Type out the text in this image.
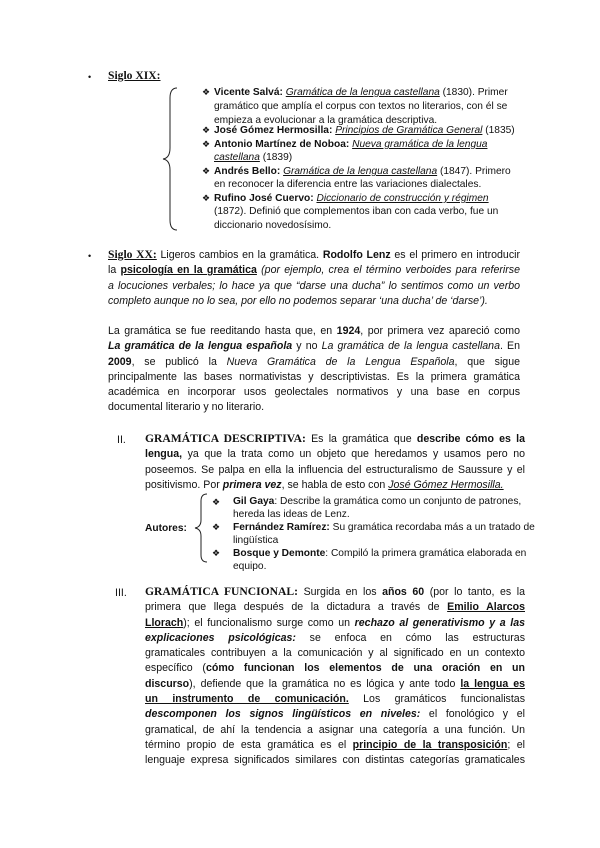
• Siglo XIX:
❖ Vicente Salvá: Gramática de la lengua castellana (1830). Primer
gramático que amplía el corpus con textos no literarios, con él se
empieza a evolucionar a la gramática descriptiva.
❖ José Gómez Hermosilla: Principios de Gramática General (1835)
❖ Antonio Martínez de Noboa: Nueva gramática de la lengua
castellana (1839)
❖ Andrés Bello: Gramática de la lengua castellana (1847). Primero
en reconocer la diferencia entre las variaciones dialectales.
❖ Rufino José Cuervo: Diccionario de construcción y régimen
(1872). Definió que complementos iban con cada verbo, fue un
diccionario novedosísimo.
• Siglo XX: Ligeros cambios en la gramática. Rodolfo Lenz es el primero en introducir
la psicología en la gramática (por ejemplo, crea el término verboides para referirse
a locuciones verbales; lo hace ya que “darse una ducha” lo sentimos como un verbo
completo aunque no lo sea, por ello no podemos separar ‘una ducha’ de ‘darse’).
La gramática se fue reeditando hasta que, en 1924, por primera vez apareció como
La gramática de la lengua española y no La gramática de la lengua castellana. En
2009, se publicó la Nueva Gramática de la Lengua Española, que sigue
principalmente las bases normativistas y descriptivistas. Es la primera gramática
académica en incorporar usos geolectales normativos y una base en corpus
documental literario y no literario.
II. GRAMÁTICA DESCRIPTIVA: Es la gramática que describe cómo es la
lengua, ya que la trata como un objeto que heredamos y usamos pero no
poseemos. Se palpa en ella la influencia del estructuralismo de Saussure y el
positivismo. Por primera vez, se habla de esto con José Gómez Hermosilla.
Autores:
❖ Gil Gaya: Describe la gramática como un conjunto de patrones,
hereda las ideas de Lenz.
❖ Fernández Ramírez: Su gramática recordaba más a un tratado de
lingüística
❖ Bosque y Demonte: Compiló la primera gramática elaborada en
equipo.
III. GRAMÁTICA FUNCIONAL: Surgida en los años 60 (por lo tanto, es la
primera que llega después de la dictadura a través de Emilio Alarcos
Llorach); el funcionalismo surge como un rechazo al generativismo y a las
explicaciones psicológicas: se enfoca en cómo las estructuras
gramaticales contribuyen a la comunicación y al significado en un contexto
específico (cómo funcionan los elementos de una oración en un
discurso), defiende que la gramática no es lógica y ante todo la lengua es
un instrumento de comunicación. Los gramáticos funcionalistas
descomponen los signos lingüísticos en niveles: el fonológico y el
gramatical, de ahí la tendencia a asignar una categoría a una función. Un
término propio de esta gramática es el principio de la transposición; el
lenguaje expresa significados similares con distintas categorías gramaticales
